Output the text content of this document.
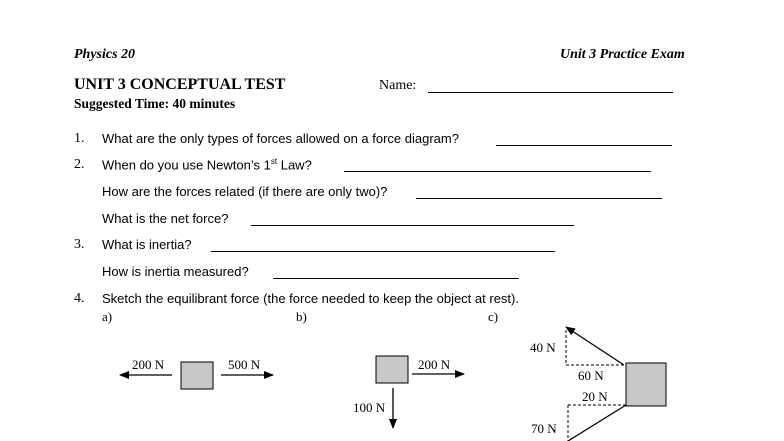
Physics 20	Unit 3 Practice Exam
UNIT 3 CONCEPTUAL TEST	Name:
Suggested Time: 40 minutes
1. What are the only types of forces allowed on a force diagram?
2. When do you use Newton’s 1st Law?
How are the forces related (if there are only two)?
What is the net force?
3. What is inertia?
How is inertia measured?
4. Sketch the equilibrant force (the force needed to keep the object at rest).
a)	b)	c)
200 N	500 N	200 N
100 N
40 N
60 N
20 N
70 N
